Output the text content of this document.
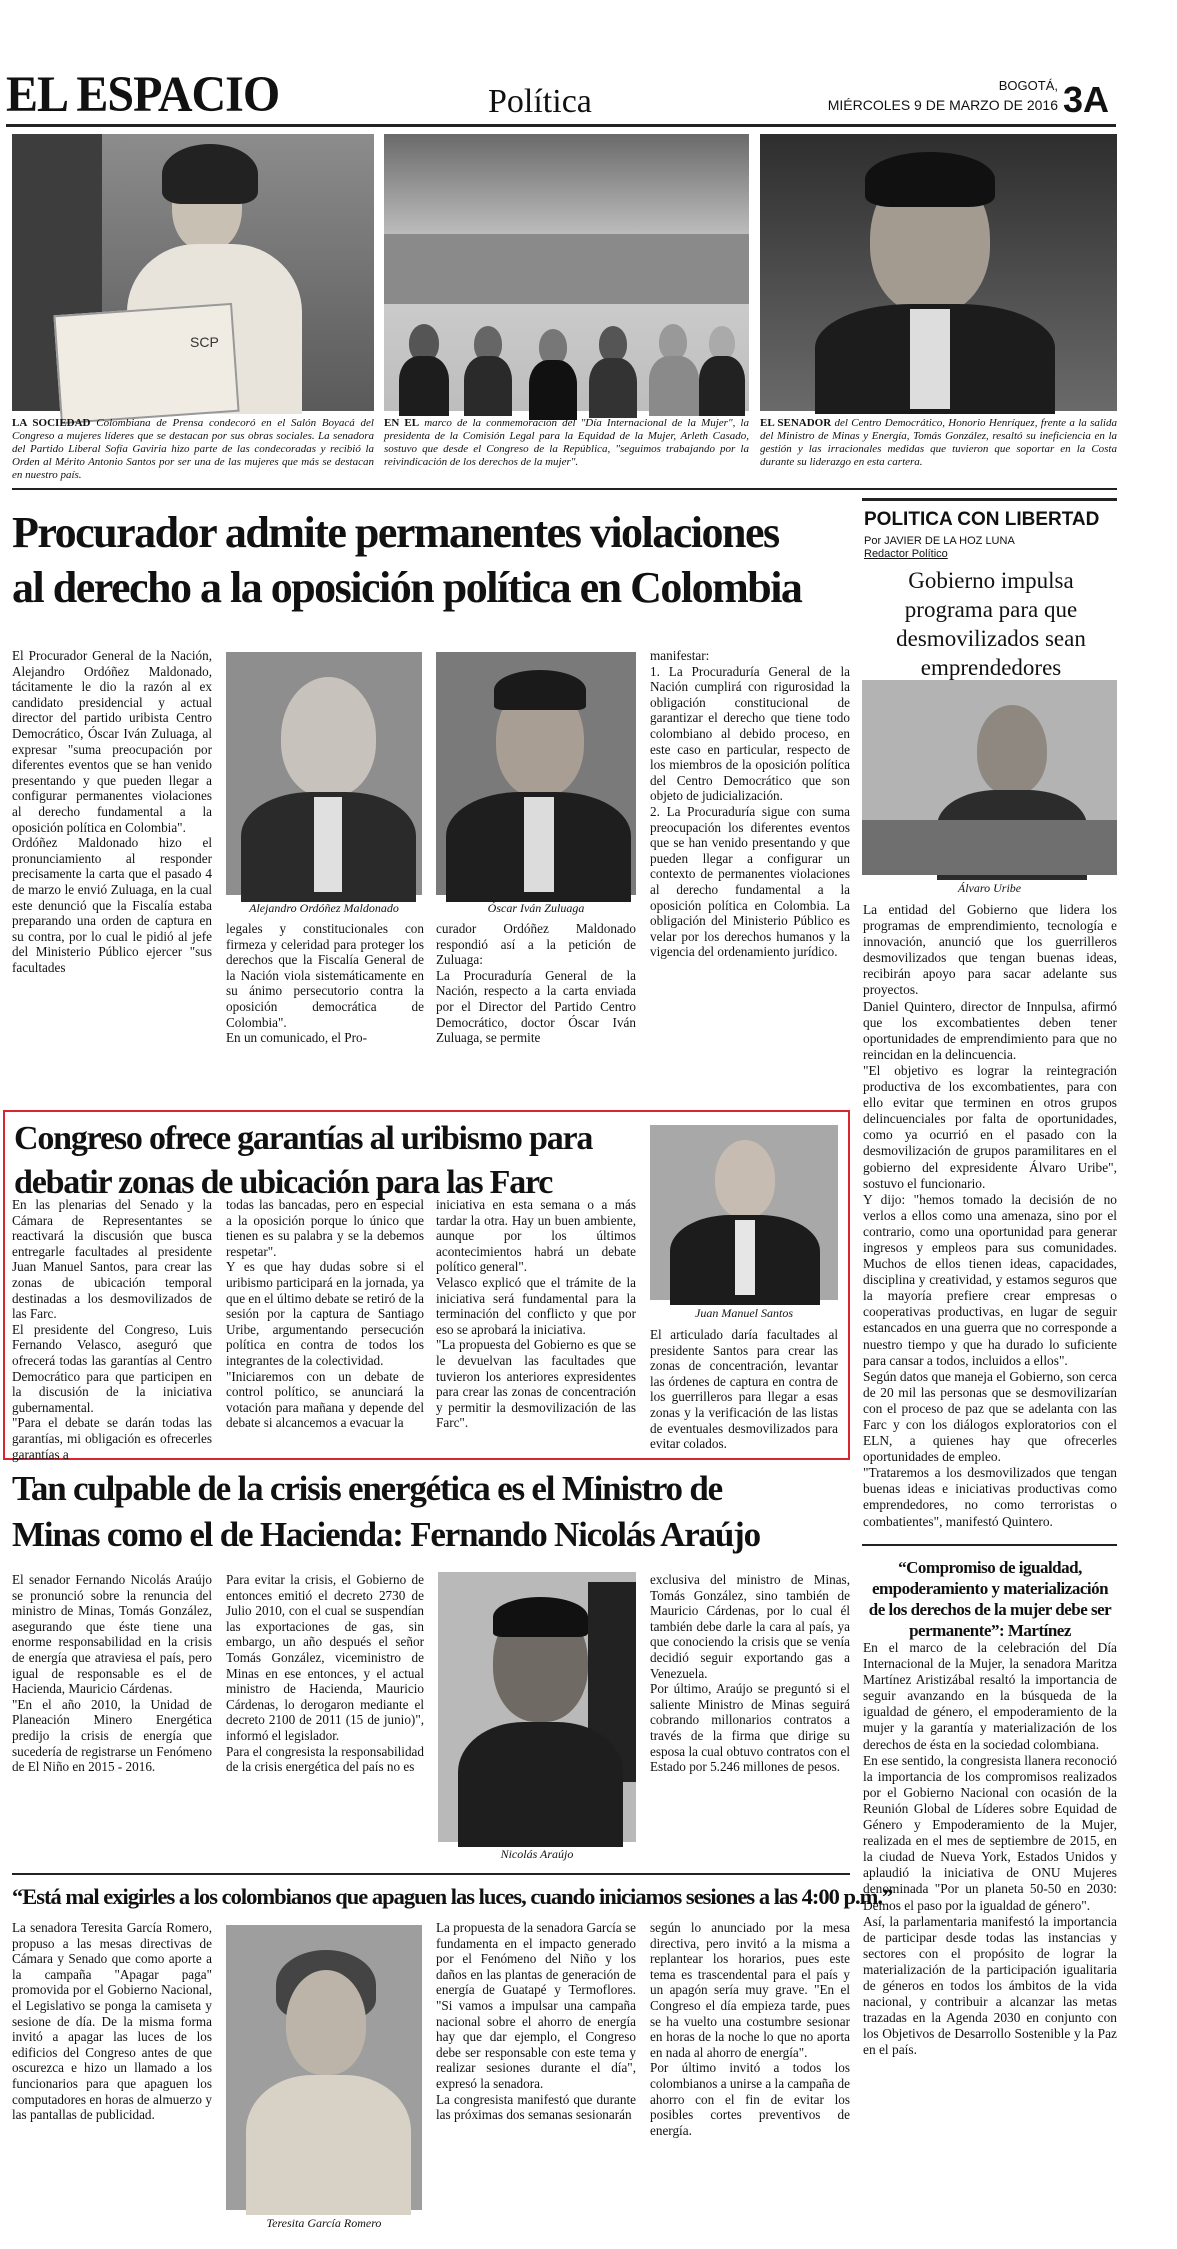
EL ESPACIO	Política	BOGOTÁ,
MIÉRCOLES 9 DE MARZO DE 2016 3A
SCP
LA SOCIEDAD Colombiana de Prensa condecoró en el Salón Boyacá del Congreso a mujeres líderes que se destacan por sus obras sociales. La senadora del Partido Liberal Sofía Gaviria hizo parte de las condecoradas y recibió la Orden al Mérito Antonio Santos por ser una de las mujeres que más se destacan en nuestro país.
EN EL marco de la conmemoración del "Día Internacional de la Mujer", la presidenta de la Comisión Legal para la Equidad de la Mujer, Arleth Casado, sostuvo que desde el Congreso de la República, "seguimos trabajando por la reivindicación de los derechos de la mujer".
EL SENADOR del Centro Democrático, Honorio Henríquez, frente a la salida del Ministro de Minas y Energía, Tomás González, resaltó su ineficiencia en la gestión y las irracionales medidas que tuvieron que soportar en la Costa durante su liderazgo en esta cartera.
Procurador admite permanentes violaciones
al derecho a la oposición política en Colombia
El Procurador General de la Nación, Alejandro Ordóñez Maldonado, tácitamente le dio la razón al ex candidato presidencial y actual director del partido uribista Centro Democrático, Óscar Iván Zuluaga, al expresar "suma preocupación por diferentes eventos que se han venido presentando y que pueden llegar a configurar permanentes violaciones al derecho fundamental a la oposición política en Colombia".
Ordóñez Maldonado hizo el pronunciamiento al responder precisamente la carta que el pasado 4 de marzo le envió Zuluaga, en la cual este denunció que la Fiscalía estaba preparando una orden de captura en su contra, por lo cual le pidió al jefe del Ministerio Público ejercer "sus facultades
Alejandro Ordóñez Maldonado	Óscar Iván Zuluaga
legales y constitucionales con firmeza y celeridad para proteger los derechos que la Fiscalía General de la Nación viola sistemáticamente en su ánimo persecutorio contra la oposición democrática de Colombia".
En un comunicado, el Pro-
curador Ordóñez Maldonado respondió así a la petición de Zuluaga:
La Procuraduría General de la Nación, respecto a la carta enviada por el Director del Partido Centro Democrático, doctor Óscar Iván Zuluaga, se permite
manifestar:
1. La Procuraduría General de la Nación cumplirá con rigurosidad la obligación constitucional de garantizar el derecho que tiene todo colombiano al debido proceso, en este caso en particular, respecto de los miembros de la oposición política del Centro Democrático que son objeto de judicialización.
2. La Procuraduría sigue con suma preocupación los diferentes eventos que se han venido presentando y que pueden llegar a configurar un contexto de permanentes violaciones al derecho fundamental a la oposición política en Colombia. La obligación del Ministerio Público es velar por los derechos humanos y la vigencia del ordenamiento jurídico.
Congreso ofrece garantías al uribismo para
debatir zonas de ubicación para las Farc
En las plenarias del Senado y la Cámara de Representantes se reactivará la discusión que busca entregarle facultades al presidente Juan Manuel Santos, para crear las zonas de ubicación temporal destinadas a los desmovilizados de las Farc.
El presidente del Congreso, Luis Fernando Velasco, aseguró que ofrecerá todas las garantías al Centro Democrático para que participen en la discusión de la iniciativa gubernamental.
"Para el debate se darán todas las garantías, mi obligación es ofrecerles garantías a
todas las bancadas, pero en especial a la oposición porque lo único que tienen es su palabra y se la debemos respetar".
Y es que hay dudas sobre si el uribismo participará en la jornada, ya que en el último debate se retiró de la sesión por la captura de Santiago Uribe, argumentando persecución política en contra de todos los integrantes de la colectividad.
"Iniciaremos con un debate de control político, se anunciará la votación para mañana y depende del debate si alcancemos a evacuar la
iniciativa en esta semana o a más tardar la otra. Hay un buen ambiente, aunque por los últimos acontecimientos habrá un debate político general".
Velasco explicó que el trámite de la iniciativa será fundamental para la terminación del conflicto y que por eso se aprobará la iniciativa.
"La propuesta del Gobierno es que se le devuelvan las facultades que tuvieron los anteriores expresidentes para crear las zonas de concentración y permitir la desmovilización de las Farc".
Juan Manuel Santos
El articulado daría facultades al presidente Santos para crear las zonas de concentración, levantar las órdenes de captura en contra de los guerrilleros para llegar a esas zonas y la verificación de las listas de eventuales desmovilizados para evitar colados.
Tan culpable de la crisis energética es el Ministro de
Minas como el de Hacienda: Fernando Nicolás Araújo
El senador Fernando Nicolás Araújo se pronunció sobre la renuncia del ministro de Minas, Tomás González, asegurando que éste tiene una enorme responsabilidad en la crisis de energía que atraviesa el país, pero igual de responsable es el de Hacienda, Mauricio Cárdenas.
"En el año 2010, la Unidad de Planeación Minero Energética predijo la crisis de energía que sucedería de registrarse un Fenómeno de El Niño en 2015 - 2016.
Para evitar la crisis, el Gobierno de entonces emitió el decreto 2730 de Julio 2010, con el cual se suspendían las exportaciones de gas, sin embargo, un año después el señor Tomás González, viceministro de Minas en ese entonces, y el actual ministro de Hacienda, Mauricio Cárdenas, lo derogaron mediante el decreto 2100 de 2011 (15 de junio)", informó el legislador.
Para el congresista la responsabilidad de la crisis energética del país no es
Nicolás Araújo
exclusiva del ministro de Minas, Tomás González, sino también de Mauricio Cárdenas, por lo cual él también debe darle la cara al país, ya que conociendo la crisis que se venía decidió seguir exportando gas a Venezuela.
Por último, Araújo se preguntó si el saliente Ministro de Minas seguirá cobrando millonarios contratos a través de la firma que dirige su esposa la cual obtuvo contratos con el Estado por 5.246 millones de pesos.
“Está mal exigirles a los colombianos que apaguen las luces, cuando iniciamos sesiones a las 4:00 p.m.”
La senadora Teresita García Romero, propuso a las mesas directivas de Cámara y Senado que como aporte a la campaña "Apagar paga" promovida por el Gobierno Nacional, el Legislativo se ponga la camiseta y sesione de día. De la misma forma invitó a apagar las luces de los edificios del Congreso antes de que oscurezca e hizo un llamado a los funcionarios para que apaguen los computadores en horas de almuerzo y las pantallas de publicidad.
Teresita García Romero
La propuesta de la senadora García se fundamenta en el impacto generado por el Fenómeno del Niño y los daños en las plantas de generación de energía de Guatapé y Termoflores. "Si vamos a impulsar una campaña nacional sobre el ahorro de energía hay que dar ejemplo, el Congreso debe ser responsable con este tema y realizar sesiones durante el día", expresó la senadora.
La congresista manifestó que durante las próximas dos semanas sesionarán
según lo anunciado por la mesa directiva, pero invitó a la misma a replantear los horarios, pues este tema es trascendental para el país y un apagón sería muy grave. "En el Congreso el día empieza tarde, pues se ha vuelto una costumbre sesionar en horas de la noche lo que no aporta en nada al ahorro de energía".
Por último invitó a todos los colombianos a unirse a la campaña de ahorro con el fin de evitar los posibles cortes preventivos de energía.
POLITICA CON LIBERTAD
Por JAVIER DE LA HOZ LUNA
Redactor Político
Gobierno impulsa programa para que desmovilizados sean emprendedores
Álvaro Uribe
La entidad del Gobierno que lidera los programas de emprendimiento, tecnología e innovación, anunció que los guerrilleros desmovilizados que tengan buenas ideas, recibirán apoyo para sacar adelante sus proyectos.
Daniel Quintero, director de Innpulsa, afirmó que los excombatientes deben tener oportunidades de emprendimiento para que no reincidan en la delincuencia.
"El objetivo es lograr la reintegración productiva de los excombatientes, para con ello evitar que terminen en otros grupos delincuenciales por falta de oportunidades, como ya ocurrió en el pasado con la desmovilización de grupos paramilitares en el gobierno del expresidente Álvaro Uribe", sostuvo el funcionario.
Y dijo: "hemos tomado la decisión de no verlos a ellos como una amenaza, sino por el contrario, como una oportunidad para generar ingresos y empleos para sus comunidades. Muchos de ellos tienen ideas, capacidades, disciplina y creatividad, y estamos seguros que la mayoría prefiere crear empresas o cooperativas productivas, en lugar de seguir estancados en una guerra que no corresponde a nuestro tiempo y que ha durado lo suficiente para cansar a todos, incluidos a ellos".
Según datos que maneja el Gobierno, son cerca de 20 mil las personas que se desmovilizarían con el proceso de paz que se adelanta con las Farc y con los diálogos exploratorios con el ELN, a quienes hay que ofrecerles oportunidades de empleo.
"Trataremos a los desmovilizados que tengan buenas ideas e iniciativas productivas como emprendedores, no como terroristas o combatientes", manifestó Quintero.
“Compromiso de igualdad, empoderamiento y materialización de los derechos de la mujer debe ser permanente”: Martínez
En el marco de la celebración del Día Internacional de la Mujer, la senadora Maritza Martínez Aristizábal resaltó la importancia de seguir avanzando en la búsqueda de la igualdad de género, el empoderamiento de la mujer y la garantía y materialización de los derechos de ésta en la sociedad colombiana.
En ese sentido, la congresista llanera reconoció la importancia de los compromisos realizados por el Gobierno Nacional con ocasión de la Reunión Global de Líderes sobre Equidad de Género y Empoderamiento de la Mujer, realizada en el mes de septiembre de 2015, en la ciudad de Nueva York, Estados Unidos y aplaudió la iniciativa de ONU Mujeres denominada "Por un planeta 50-50 en 2030: Demos el paso por la igualdad de género".
Así, la parlamentaria manifestó la importancia de participar desde todas las instancias y sectores con el propósito de lograr la materialización de la participación igualitaria de géneros en todos los ámbitos de la vida nacional, y contribuir a alcanzar las metas trazadas en la Agenda 2030 en conjunto con los Objetivos de Desarrollo Sostenible y la Paz en el país.
